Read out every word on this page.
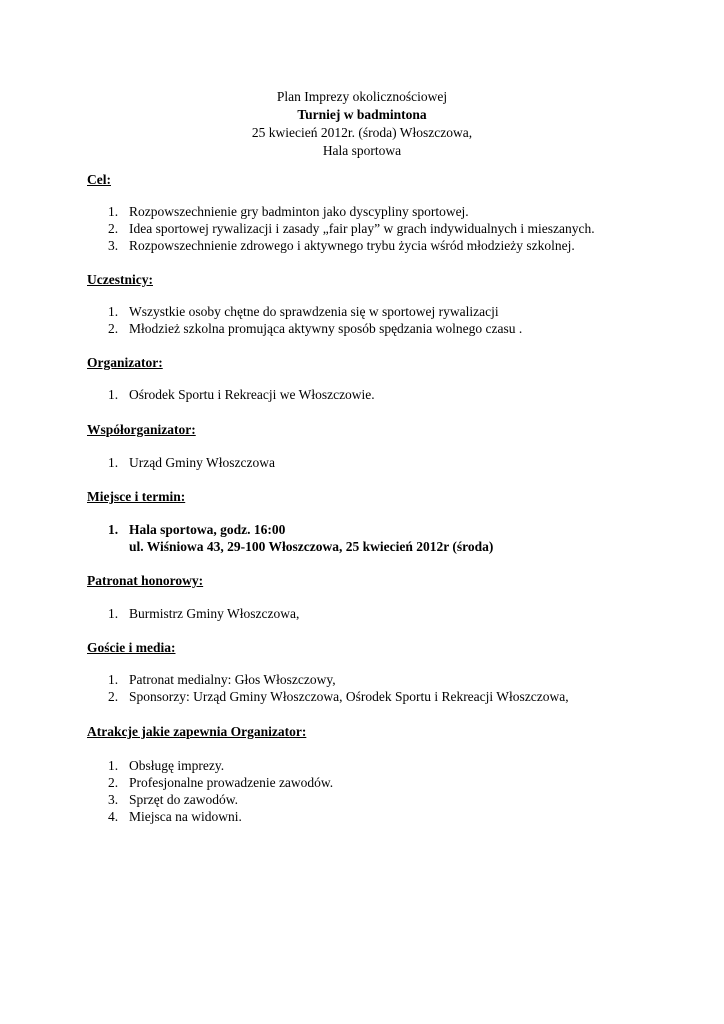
Plan Imprezy okolicznościowej
Turniej w badmintona
25 kwiecień 2012r. (środa) Włoszczowa,
Hala sportowa
Cel:
1. Rozpowszechnienie gry badminton jako dyscypliny sportowej.
2. Idea sportowej rywalizacji i zasady „fair play” w grach indywidualnych i mieszanych.
3. Rozpowszechnienie zdrowego i aktywnego trybu życia wśród młodzieży szkolnej.
Uczestnicy:
1. Wszystkie osoby chętne do sprawdzenia się w sportowej rywalizacji
2. Młodzież szkolna promująca aktywny sposób spędzania wolnego czasu .
Organizator:
1. Ośrodek Sportu i Rekreacji we Włoszczowie.
Współorganizator:
1. Urząd Gminy Włoszczowa
Miejsce i termin:
1. Hala sportowa, godz. 16:00
ul. Wiśniowa 43, 29-100 Włoszczowa, 25 kwiecień 2012r (środa)
Patronat honorowy:
1. Burmistrz Gminy Włoszczowa,
Goście i media:
1. Patronat medialny: Głos Włoszczowy,
2. Sponsorzy: Urząd Gminy Włoszczowa, Ośrodek Sportu i Rekreacji Włoszczowa,
Atrakcje jakie zapewnia Organizator:
1. Obsługę imprezy.
2. Profesjonalne prowadzenie zawodów.
3. Sprzęt do zawodów.
4. Miejsca na widowni.
